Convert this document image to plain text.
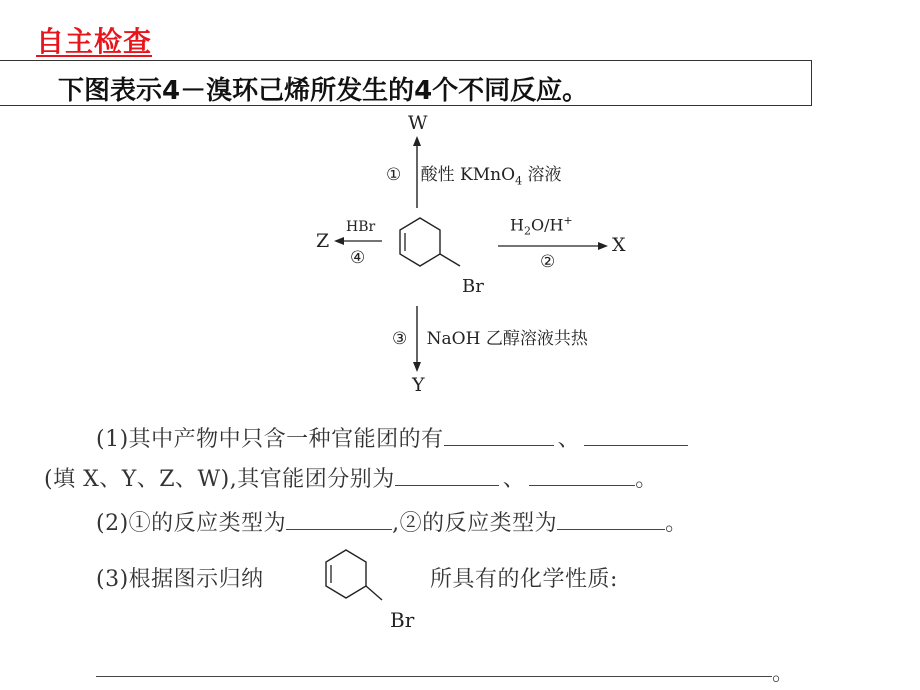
自主检查
下图表示4－溴环己烯所发生的4个不同反应。
W
① 酸性 KMnO$_4$ 溶液
Z
HBr
④
$H_2O/H^+$
X
②
Br
③ NaOH 乙醇溶液共热
Y
(1)其中产物中只含一种官能团的有	、
(填 X、Y、Z、W),其官能团分别为	、	。
(2)①的反应类型为	,②的反应类型为	。
(3)根据图示归纳
Br
所具有的化学性质:
。
